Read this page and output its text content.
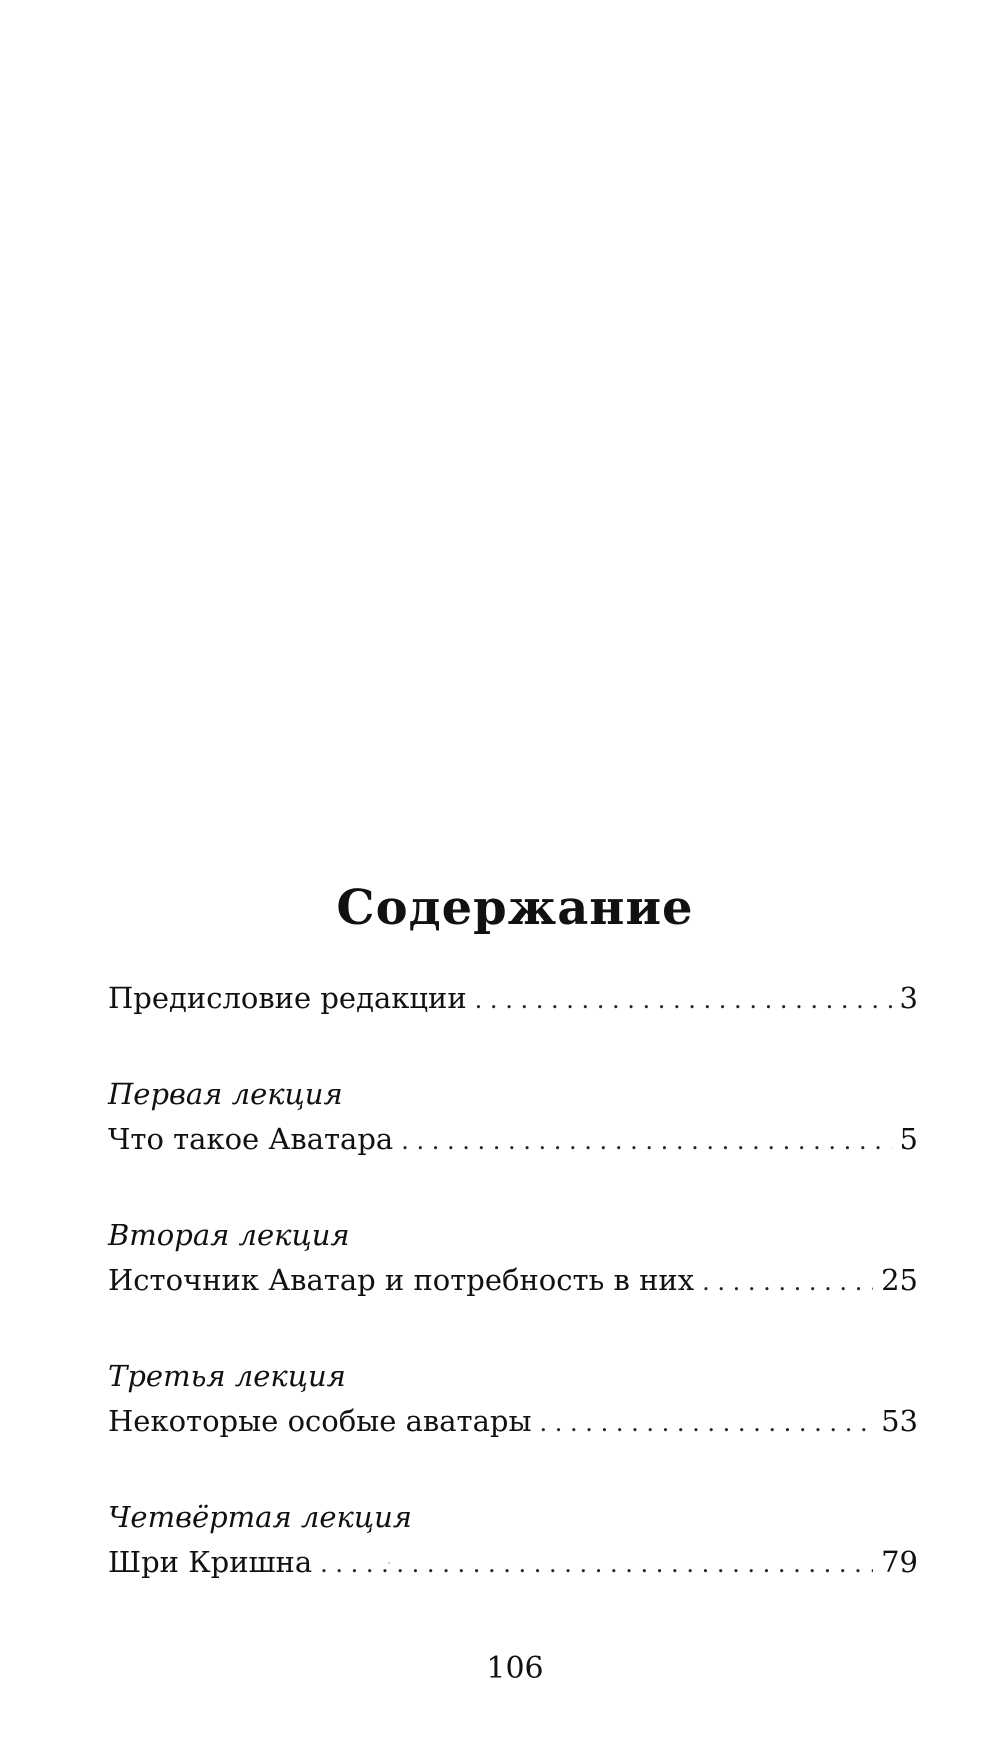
Содержание
Предисловие редакции . . .	3
Первая лекция
Что такое Аватара . . .	5
Вторая лекция
Источник Аватар и потребность в них . . .	25
Третья лекция
Некоторые особые аватары . . .	53
Четвёртая лекция
Шри Кришна . . .	79
106
